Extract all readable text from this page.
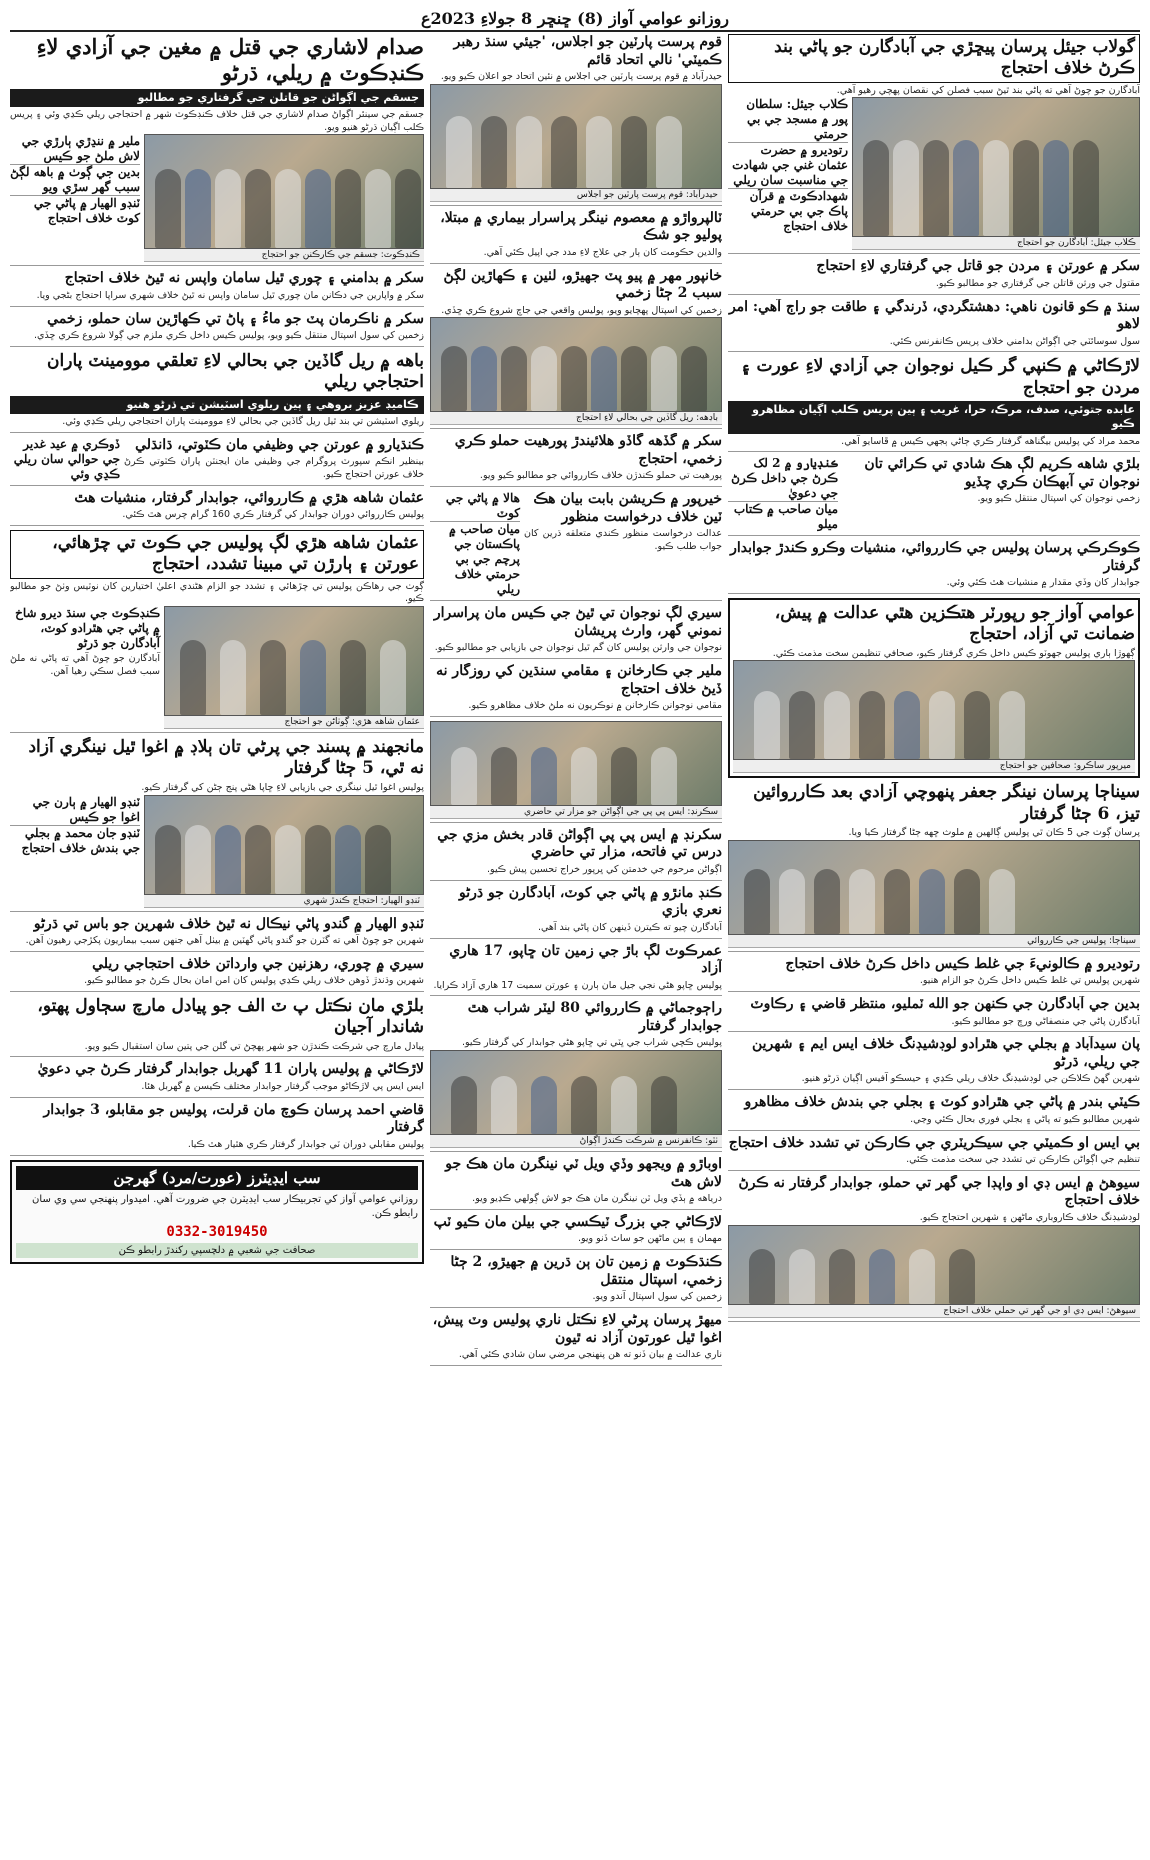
روزانو عوامي آواز (8) ڇنڇر 8 جولاءِ 2023ع
گولاب جيئل پرسان پيڇڙي جي آبادگارن جو پاڻي بند ڪرڻ خلاف احتجاج
آبادگارن جو چوڻ آهي ته پاڻي بند ٿيڻ سبب فصلن کي نقصان پهچي رهيو آهي.
ڪلاب جيئل: آبادگارن جو احتجاج
ڪلاب جيئل: سلطان پور ۾ مسجد جي بي حرمتي
رتوديرو ۾ حضرت عثمان غني جي شهادت جي مناسبت سان ريلي
شهدادڪوٽ ۾ قرآن پاڪ جي بي حرمتي خلاف احتجاج
سکر ۾ عورتن ۽ مردن جو قاتل جي گرفتاري لاءِ احتجاج
مقتول جي ورثن قاتلن جي گرفتاري جو مطالبو ڪيو.
سنڌ ۾ ڪو قانون ناهي: دهشتگردي، ڏرندگي ۽ طاقت جو راڄ آهي: امر لاهو
سول سوسائٽي جي اڳواڻن بدامني خلاف پريس ڪانفرنس ڪئي.
لاڙڪاڻي ۾ ڪنپي گر ڪيل نوجوان جي آزادي لاءِ عورت ۽ مردن جو احتجاج
عابده جتوئي، صدف، مرڪ، حرا، غريب ۽ ٻين پريس ڪلب اڳيان مظاهرو ڪيو
محمد مراد کي پوليس بيگناهه گرفتار ڪري ڄاڻي ٻجهي ڪيس ۾ ڦاسايو آهي.
بلڙي شاهه ڪريم لڳ هڪ شادي تي ڪرائي تان نوجوان تي آبهڪان ڪري چڏيو
زخمي نوجوان کي اسپتال منتقل ڪيو ويو.
ڪنڊيارو ۾ 2 لک ڪرڻ جي داخل ڪرڻ جي دعويٰ
ميان صاحب ۾ ڪتاب ميلو
ڪوڪرڪي پرسان پوليس جي ڪارروائي، منشيات وڪرو ڪندڙ جوابدار گرفتار
جوابدار کان وڏي مقدار ۾ منشيات هٿ ڪئي وئي.
عوامي آواز جو رپورٽر هتڪزين هٿي عدالت ۾ پيش، ضمانت تي آزاد، احتجاج
ڳهوڙا ٻاري پوليس جهوٽو ڪيس داخل ڪري گرفتار ڪيو، صحافي تنظيمن سخت مذمت ڪئي.
ميرپور ساڪرو: صحافين جو احتجاج
سيناڄا پرسان نينگر جعفر پنهوچي آزادي بعد ڪارروائين تيز، 6 ڄڻا گرفتار
پرسان ڳوٺ جي 5 ڪان ٿي پوليس ڳالهين ۾ ملوث ڇهه ڄڻا گرفتار ڪيا ويا.
سيناڄا: پوليس جي ڪارروائي
رتوديرو ۾ ڪالونيءَ جي غلط ڪيس داخل ڪرڻ خلاف احتجاج
شهرين پوليس تي غلط ڪيس داخل ڪرڻ جو الزام هنيو.
بدين جي آبادگارن جي ڪنهن جو الله ٽمليو، منتظر قاضي ۽ رڪاوٽ
آبادگارن پاڻي جي منصفاڻي ورڇ جو مطالبو ڪيو.
پان سيدآباد ۾ بجلي جي هٿرادو لوڊشيڊنگ خلاف ايس ايم ۽ شهرين جي ريلي، ڌرڻو
شهرين گهڻ ڪلاڪن جي لوڊشيڊنگ خلاف ريلي ڪڍي ۽ حيسڪو آفيس اڳيان ڌرڻو هنيو.
ڪيٽي بندر ۾ پاڻي جي هٿرادو کوٽ ۽ بجلي جي بندش خلاف مظاهرو
شهرين مطالبو ڪيو ته پاڻي ۽ بجلي فوري بحال ڪئي وڃي.
بي ايس او ڪميٽي جي سيڪريٽري جي ڪارڪن تي تشدد خلاف احتجاج
تنظيم جي اڳواڻن ڪارڪن تي تشدد جي سخت مذمت ڪئي.
سيوهڻ ۾ ايس ڊي او واپڊا جي گهر تي حملو، جوابدار گرفتار نه ڪرڻ خلاف احتجاج
لوڊشيڊنگ خلاف ڪاروباري ماڻهن ۽ شهرين احتجاج ڪيو.
سيوهڻ: ايس ڊي او جي گهر تي حملي خلاف احتجاج
قوم پرست پارٽين جو اجلاس، 'جيئي سنڌ رهبر ڪميٽي' نالي اتحاد قائم
حيدرآباد ۾ قوم پرست پارٽين جي اجلاس ۾ نئين اتحاد جو اعلان ڪيو ويو.
حيدرآباد: قوم پرست پارٽين جو اجلاس
ٽالپرواڙو ۾ معصوم نينگر پراسرار بيماري ۾ مبتلا، پوليو جو شڪ
والدين حڪومت کان ٻار جي علاج لاءِ مدد جي اپيل ڪئي آهي.
خانپور مهر ۾ پيو پٽ جهيڙو، لٺين ۽ ڪهاڙين لڳڻ سبب 2 ڄڻا زخمي
زخمين کي اسپتال پهچايو ويو، پوليس واقعي جي جاچ شروع ڪري ڇڏي.
باڊهه: ريل گاڏين جي بحالي لاءِ احتجاج
سکر ۾ گڏهه گاڏو هلائيندڙ پورهيت حملو ڪري زخمي، احتجاج
پورهيت تي حملو ڪندڙن خلاف ڪارروائي جو مطالبو ڪيو ويو.
خيرپور ۾ ڪريشن بابت بيان هڪ ٽين خلاف درخواست منظور
عدالت درخواست منظور ڪندي متعلقه ڌرين کان جواب طلب ڪيو.
هالا ۾ پاڻي جي کوٽ
ميان صاحب ۾ پاڪستان جي پرچم جي بي حرمتي خلاف ريلي
سيري لڳ نوجوان تي ٿيڻ جي ڪيس مان پراسرار نموني گهر، وارث پريشان
نوجوان جي وارثن پوليس کان گم ٿيل نوجوان جي بازيابي جو مطالبو ڪيو.
ملير جي ڪارخانن ۽ مقامي سنڌين کي روزگار نه ڏيڻ خلاف احتجاج
مقامي نوجوانن ڪارخانن ۾ نوڪريون نه ملڻ خلاف مظاهرو ڪيو.
سڪرنڊ: ايس پي پي جي اڳواڻن جو مزار تي حاضري
سکرنڊ ۾ ايس پي پي اڳواڻن قادر بخش مزي جي درس تي فاتحه، مزار تي حاضري
اڳواڻن مرحوم جي خدمتن کي ڀرپور خراج تحسين پيش ڪيو.
ڪنڊ مانڙو ۾ پاڻي جي کوٽ، آبادگارن جو ڌرڻو نعري بازي
آبادگارن چيو ته ڪيترن ڏينهن کان پاڻي بند آهي.
عمرڪوٽ لڳ باڙ جي زمين تان ڇاپو، 17 هاري آزاد
پوليس ڇاپو هڻي نجي جيل مان ٻارن ۽ عورتن سميت 17 هاري آزاد ڪرايا.
راڄوجماڻي ۾ ڪارروائي 80 ليٽر شراب هٿ جوابدار گرفتار
پوليس ڪچي شراب جي ڀٽي تي ڇاپو هڻي جوابدار کي گرفتار ڪيو.
ٺٽو: ڪانفرنس ۾ شرڪت ڪندڙ اڳواڻ
اوباڙو ۾ ويجهو وڏي ويل ٽي نينگرن مان هڪ جو لاش هٿ
درياهه ۾ ٻڏي ويل ٽن نينگرن مان هڪ جو لاش ڳولهي ڪڍيو ويو.
لاڙڪاڻي جي بزرگ ٽيڪسي جي بيلن مان ڪيو ٽپ
مهمان ۽ ٻين ماڻهن جو ساٿ ڏنو ويو.
ڪنڌڪوٽ ۾ زمين تان ٻن ڌرين ۾ جهيڙو، 2 ڄڻا زخمي، اسپتال منتقل
زخمين کي سول اسپتال آندو ويو.
ميهڙ پرسان پرڻي لاءِ نڪتل ناري پوليس وٽ پيش، اغوا ٿيل عورتون آزاد نه ٿيون
ناري عدالت ۾ بيان ڏنو ته هن پنهنجي مرضي سان شادي ڪئي آهي.
صدام لاشاري جي قتل ۾ مغين جي آزادي لاءِ ڪنڊڪوٽ ۾ ريلي، ڌرڻو
جسقم جي اڳواڻن جو قاتلن جي گرفتاري جو مطالبو
جسقم جي سينئر اڳواڻ صدام لاشاري جي قتل خلاف ڪنڊڪوٽ شهر ۾ احتجاجي ريلي ڪڍي وئي ۽ پريس ڪلب اڳيان ڌرڻو هنيو ويو.
ڪنڊڪوٽ: جسقم جي ڪارڪنن جو احتجاج
ملير ۾ ننڍڙي ٻارڙي جي لاش ملڻ جو ڪيس
بدين جي ڳوٺ ۾ باهه لڳڻ سبب گهر سڙي ويو
ٽنڊو الهيار ۾ پاڻي جي کوٽ خلاف احتجاج
سکر ۾ بدامني ۽ چوري ٿيل سامان واپس نه ٿيڻ خلاف احتجاج
سکر ۾ واپارين جي دڪانن مان چوري ٿيل سامان واپس نه ٿيڻ خلاف شهري سراپا احتجاج بڻجي ويا.
سکر ۾ ناڪرمان پٽ جو ماءُ ۽ پاڻ تي ڪهاڙين سان حملو، زخمي
زخمين کي سول اسپتال منتقل ڪيو ويو، پوليس ڪيس داخل ڪري ملزم جي ڳولا شروع ڪري ڇڏي.
باهه ۾ ريل گاڏين جي بحالي لاءِ تعلقي موومينٽ پاران احتجاجي ريلي
ڪاميڊ عزيز بروهي ۽ ٻين ريلوي اسٽيشن تي ڌرڻو هنيو
ريلوي اسٽيشن تي بند ٿيل ريل گاڏين جي بحالي لاءِ موومينٽ پاران احتجاجي ريلي ڪڍي وئي.
ڪنڌيارو ۾ عورتن جي وظيفي مان ڪٽوتي، ڌانڌلي
بينظير انڪم سپورٽ پروگرام جي وظيفي مان ايجنٽن پاران ڪٽوتي ڪرڻ خلاف عورتن احتجاج ڪيو.
ڏوڪري ۾ عيد غدير جي حوالي سان ريلي ڪڍي وئي
عثمان شاهه هڙي ۾ ڪارروائي، جوابدار گرفتار، منشيات هٿ
پوليس ڪارروائي دوران جوابدار کي گرفتار ڪري 160 گرام چرس هٿ ڪئي.
عثمان شاهه هڙي لڳ پوليس جي ڪوٽ تي چڙهائي، عورتن ۽ ٻارڙن تي مبينا تشدد، احتجاج
ڳوٺ جي رهاڪن پوليس تي چڙهائي ۽ تشدد جو الزام هڻندي اعليٰ اختيارين کان نوٽيس وٺڻ جو مطالبو ڪيو.
عثمان شاهه هڙي: ڳوٺاڻن جو احتجاج
ڪنڊڪوٽ جي سنڌ ديرو شاخ ۾ پاڻي جي هٿرادو کوٽ، آبادگارن جو ڌرڻو
آبادگارن جو چوڻ آهي ته پاڻي نه ملڻ سبب فصل سڪي رهيا آهن.
مانجهند ۾ پسند جي پرڻي تان ٻلاڊ ۾ اغوا ٿيل نينگري آزاد نه ٿي، 5 ڄڻا گرفتار
پوليس اغوا ٿيل نينگري جي بازيابي لاءِ ڇاپا هڻي پنج ڄڻن کي گرفتار ڪيو.
ٽنڊو الهيار: احتجاج ڪندڙ شهري
ٽنڊو الهيار ۾ ٻارن جي اغوا جو ڪيس
ٽنڊو جان محمد ۾ بجلي جي بندش خلاف احتجاج
ٽنڊو الهيار ۾ گندو پاڻي نيڪال نه ٿيڻ خلاف شهرين جو باس تي ڌرڻو
شهرين جو چوڻ آهي ته گٽرن جو گندو پاڻي گهٽين ۾ بيٺل آهي جنهن سبب بيماريون پکڙجي رهيون آهن.
سيري ۾ چوري، رهزنين جي وارداتن خلاف احتجاجي ريلي
شهرين وڌندڙ ڏوهن خلاف ريلي ڪڍي پوليس کان امن امان بحال ڪرڻ جو مطالبو ڪيو.
بلڙي مان نڪتل پ ٽ الف جو پيادل مارچ سڄاول پهتو، شاندار آجيان
پيادل مارچ جي شرڪت ڪندڙن جو شهر پهچڻ تي گلن جي پتين سان استقبال ڪيو ويو.
لاڙڪاڻي ۾ پوليس پاران 11 گهربل جوابدار گرفتار ڪرڻ جي دعويٰ
ايس ايس پي لاڙڪاڻو موجب گرفتار جوابدار مختلف ڪيسن ۾ گهربل هئا.
قاضي احمد پرسان ڪوچ مان قرلت، پوليس جو مقابلو، 3 جوابدار گرفتار
پوليس مقابلي دوران ٽي جوابدار گرفتار ڪري هٿيار هٿ ڪيا.
سب ايڊيٽرز (عورت/مرد) گهرجن
روزاني عوامي آواز کي تجربيڪار سب ايڊيٽرن جي ضرورت آهي. اميدوار پنهنجي سي وي سان رابطو ڪن.
0332-3019450
صحافت جي شعبي ۾ دلچسپي رکندڙ رابطو ڪن
